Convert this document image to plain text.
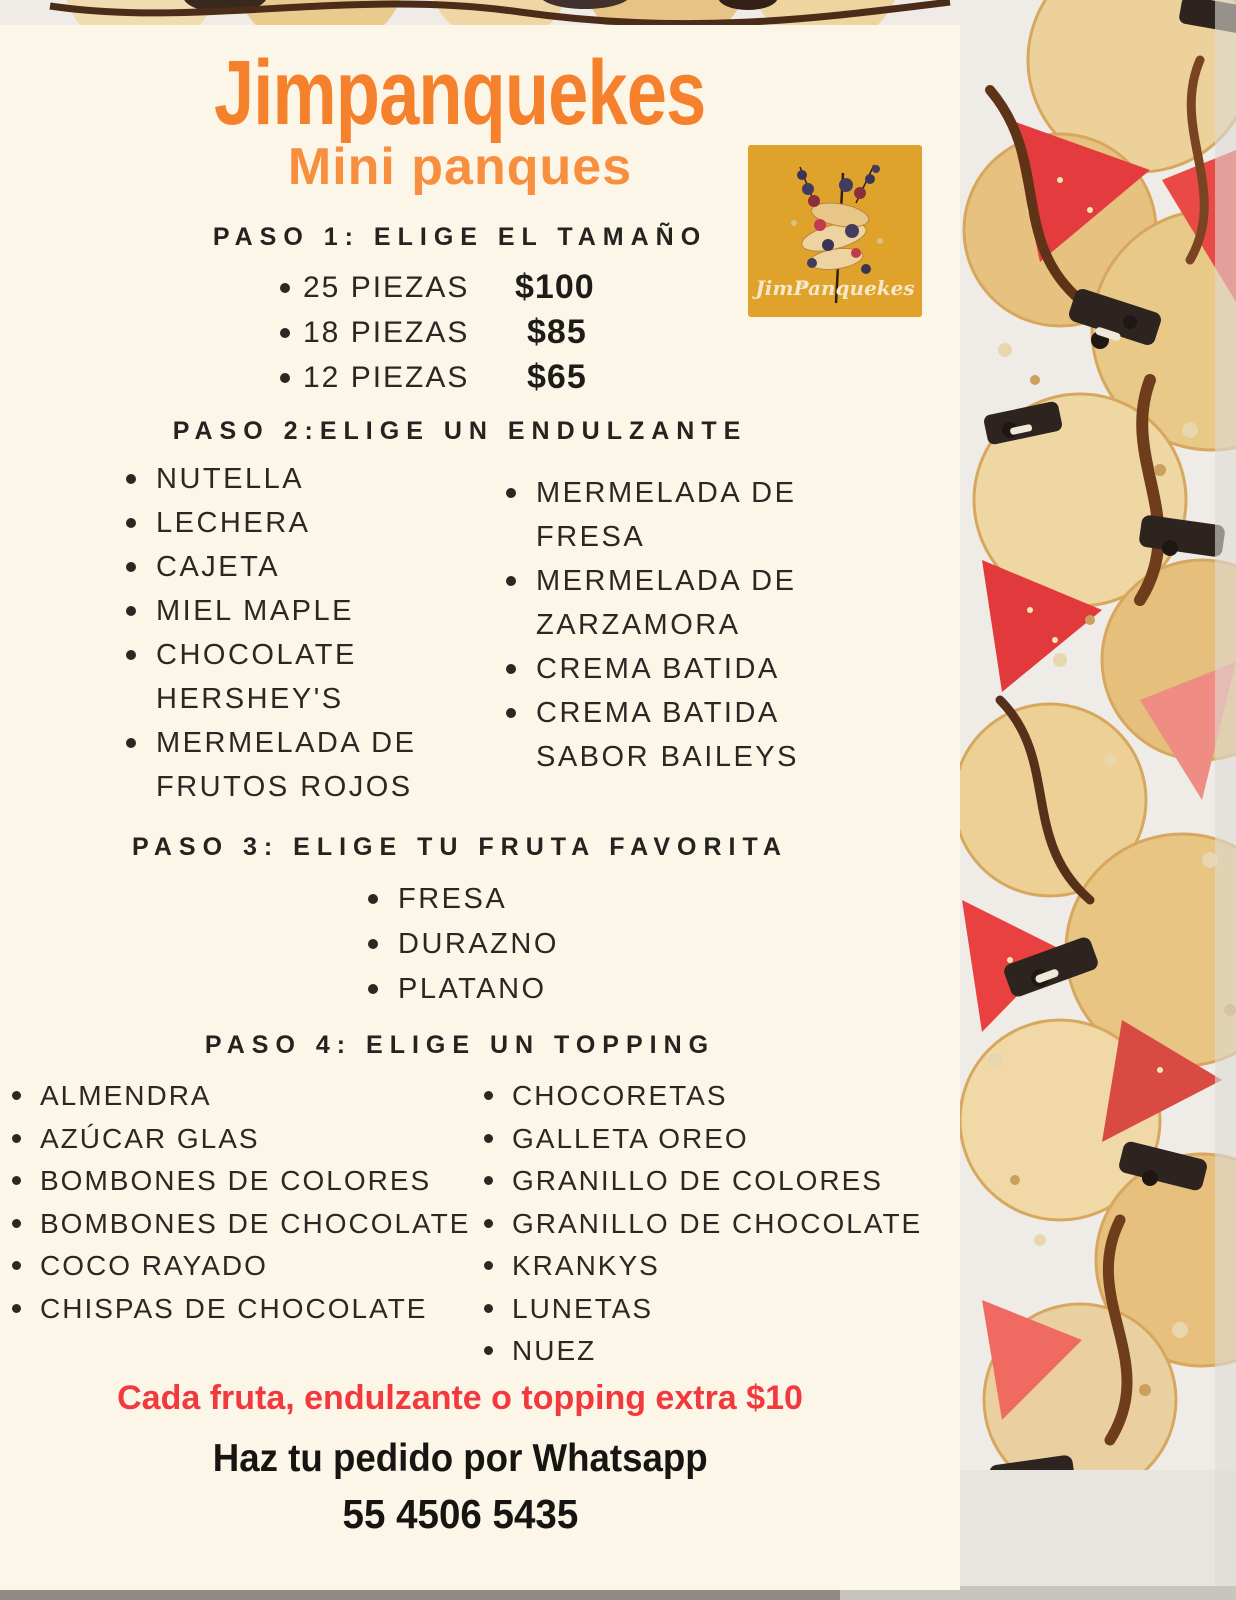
Jimpanquekes
Mini panques
JimPanquekes
PASO 1: ELIGE EL TAMAÑO
25 PIEZAS	$100
18 PIEZAS	$85
12 PIEZAS	$65
PASO 2:ELIGE UN ENDULZANTE
NUTELLA
LECHERA
CAJETA
MIEL MAPLE
CHOCOLATE HERSHEY'S
MERMELADA DE FRUTOS ROJOS
MERMELADA DE FRESA
MERMELADA DE ZARZAMORA
CREMA BATIDA
CREMA BATIDA SABOR BAILEYS
PASO 3: ELIGE TU FRUTA FAVORITA
FRESA
DURAZNO
PLATANO
PASO 4: ELIGE UN TOPPING
ALMENDRA
AZÚCAR GLAS
BOMBONES DE COLORES
BOMBONES DE CHOCOLATE
COCO RAYADO
CHISPAS DE CHOCOLATE
CHOCORETAS
GALLETA OREO
GRANILLO DE COLORES
GRANILLO DE CHOCOLATE
KRANKYS
LUNETAS
NUEZ
Cada fruta, endulzante o topping extra $10
Haz tu pedido por Whatsapp
55 4506 5435
